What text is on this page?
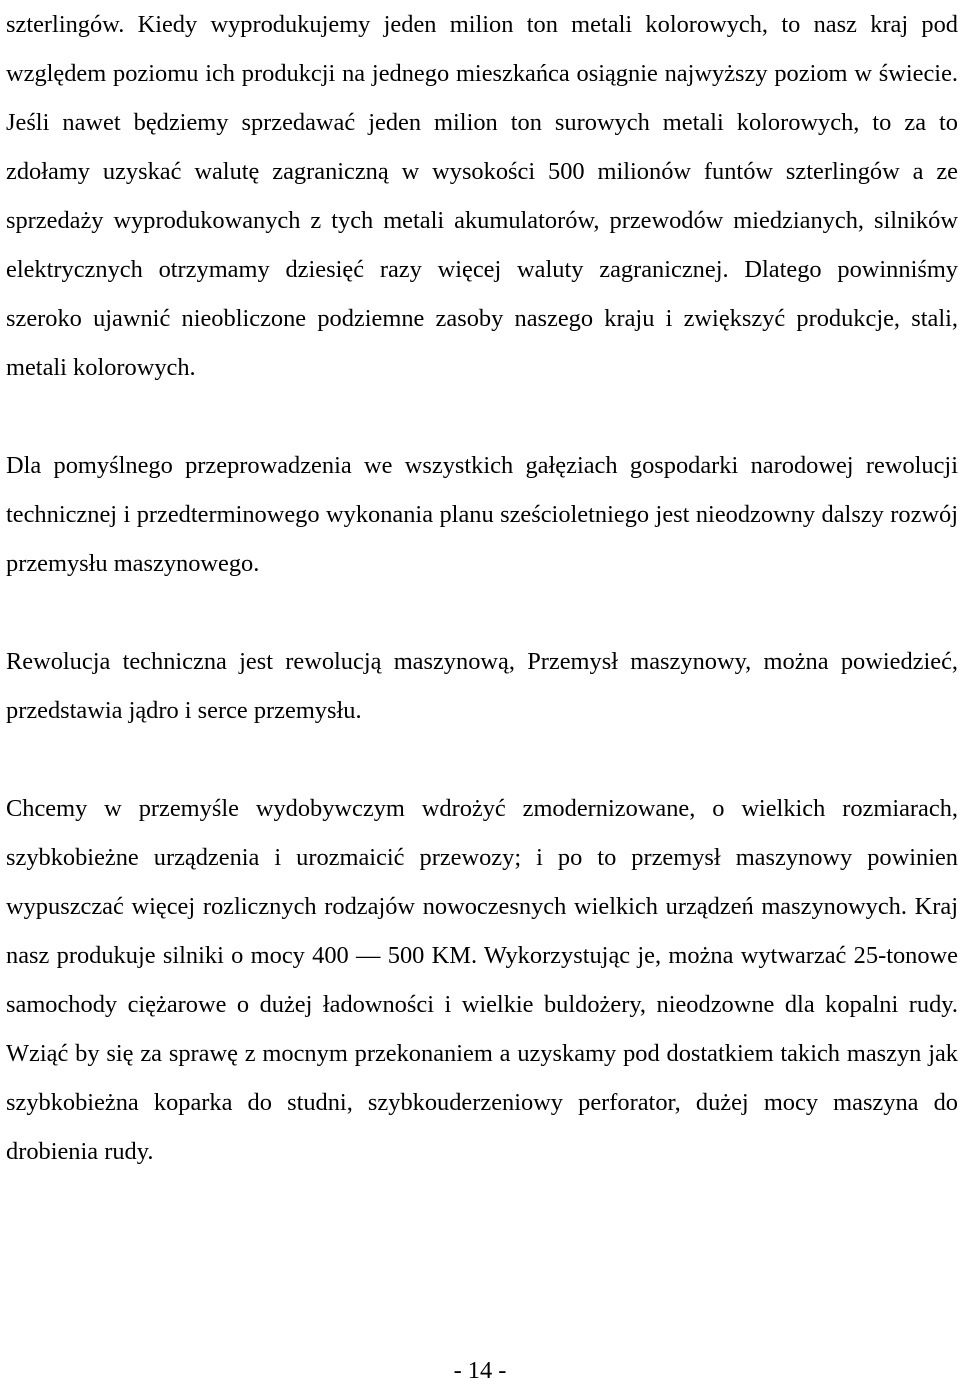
szterlingów. Kiedy wyprodukujemy jeden milion ton metali kolorowych, to nasz kraj pod względem poziomu ich produkcji na jednego mieszkańca osiągnie najwyższy poziom w świecie. Jeśli nawet będziemy sprzedawać jeden milion ton surowych metali kolorowych, to za to zdołamy uzyskać walutę zagraniczną w wysokości 500 milionów funtów szterlingów a ze sprzedaży wyprodukowanych z tych metali akumulatorów, przewodów miedzianych, silników elektrycznych otrzymamy dziesięć razy więcej waluty zagranicznej. Dlatego powinniśmy szeroko ujawnić nieobliczone podziemne zasoby naszego kraju i zwiększyć produkcje, stali, metali kolorowych.

Dla pomyślnego przeprowadzenia we wszystkich gałęziach gospodarki narodowej rewolucji technicznej i przedterminowego wykonania planu sześcioletniego jest nieodzowny dalszy rozwój przemysłu maszynowego.

Rewolucja techniczna jest rewolucją maszynową, Przemysł maszynowy, można powiedzieć, przedstawia jądro i serce przemysłu.

Chcemy w przemyśle wydobywczym wdrożyć zmodernizowane, o wielkich rozmiarach, szybkobieżne urządzenia i urozmaicić przewozy; i po to przemysł maszynowy powinien wypuszczać więcej rozlicznych rodzajów nowoczesnych wielkich urządzeń maszynowych. Kraj nasz produkuje silniki o mocy 400 — 500 KM. Wykorzystując je, można wytwarzać 25-tonowe samochody ciężarowe o dużej ładowności i wielkie buldożery, nieodzowne dla kopalni rudy. Wziąć by się za sprawę z mocnym przekonaniem a uzyskamy pod dostatkiem takich maszyn jak szybkobieżna koparka do studni, szybkouderzeniowy perforator, dużej mocy maszyna do drobienia rudy.

- 14 -
